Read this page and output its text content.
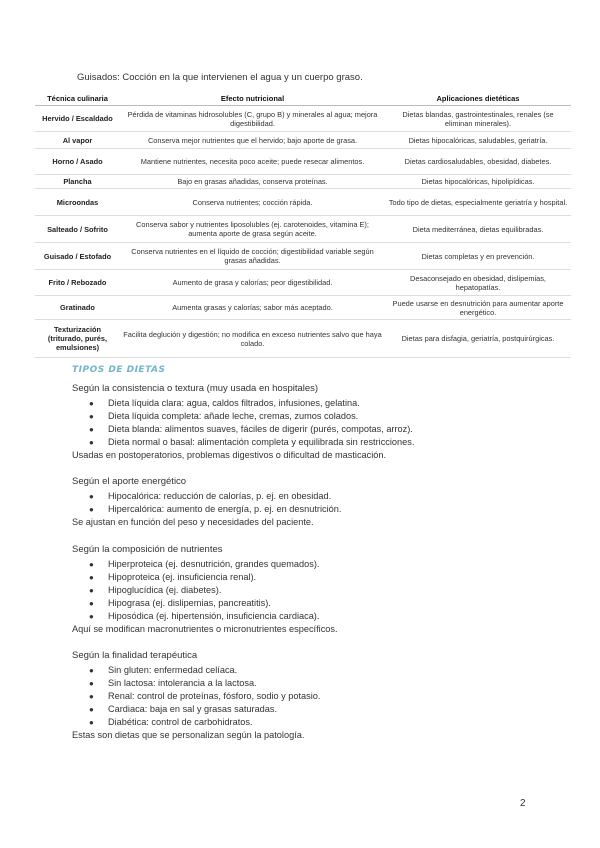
Guisados: Cocción en la que intervienen el agua y un cuerpo graso.
Técnica culinaria	Efecto nutricional	Aplicaciones dietéticas
Hervido / Escaldado	Pérdida de vitaminas hidrosolubles (C, grupo B) y minerales al agua; mejora digestibilidad.	Dietas blandas, gastrointestinales, renales (se eliminan minerales).
Al vapor	Conserva mejor nutrientes que el hervido; bajo aporte de grasa.	Dietas hipocalóricas, saludables, geriatría.
Horno / Asado	Mantiene nutrientes, necesita poco aceite; puede resecar alimentos.	Dietas cardiosaludables, obesidad, diabetes.
Plancha	Bajo en grasas añadidas, conserva proteínas.	Dietas hipocalóricas, hipolipídicas.
Microondas	Conserva nutrientes; cocción rápida.	Todo tipo de dietas, especialmente geriatría y hospital.
Salteado / Sofrito	Conserva sabor y nutrientes liposolubles (ej. carotenoides, vitamina E); aumenta aporte de grasa según aceite.	Dieta mediterránea, dietas equilibradas.
Guisado / Estofado	Conserva nutrientes en el líquido de cocción; digestibilidad variable según grasas añadidas.	Dietas completas y en prevención.
Frito / Rebozado	Aumento de grasa y calorías; peor digestibilidad.	Desaconsejado en obesidad, dislipemias, hepatopatías.
Gratinado	Aumenta grasas y calorías; sabor más aceptado.	Puede usarse en desnutrición para aumentar aporte energético.
Texturización (triturado, purés, emulsiones)	Facilita deglución y digestión; no modifica en exceso nutrientes salvo que haya colado.	Dietas para disfagia, geriatría, postquirúrgicas.
TIPOS DE DIETAS
Según la consistencia o textura (muy usada en hospitales)
● Dieta líquida clara: agua, caldos filtrados, infusiones, gelatina.
● Dieta líquida completa: añade leche, cremas, zumos colados.
● Dieta blanda: alimentos suaves, fáciles de digerir (purés, compotas, arroz).
● Dieta normal o basal: alimentación completa y equilibrada sin restricciones.
Usadas en postoperatorios, problemas digestivos o dificultad de masticación.
Según el aporte energético
● Hipocalórica: reducción de calorías, p. ej. en obesidad.
● Hipercalórica: aumento de energía, p. ej. en desnutrición.
Se ajustan en función del peso y necesidades del paciente.
Según la composición de nutrientes
● Hiperproteica (ej. desnutrición, grandes quemados).
● Hipoproteica (ej. insuficiencia renal).
● Hipoglucídica (ej. diabetes).
● Hipograsa (ej. dislipemias, pancreatitis).
● Hiposódica (ej. hipertensión, insuficiencia cardiaca).
Aquí se modifican macronutrientes o micronutrientes específicos.
Según la finalidad terapéutica
● Sin gluten: enfermedad celíaca.
● Sin lactosa: intolerancia a la lactosa.
● Renal: control de proteínas, fósforo, sodio y potasio.
● Cardiaca: baja en sal y grasas saturadas.
● Diabética: control de carbohidratos.
Estas son dietas que se personalizan según la patología.
2
